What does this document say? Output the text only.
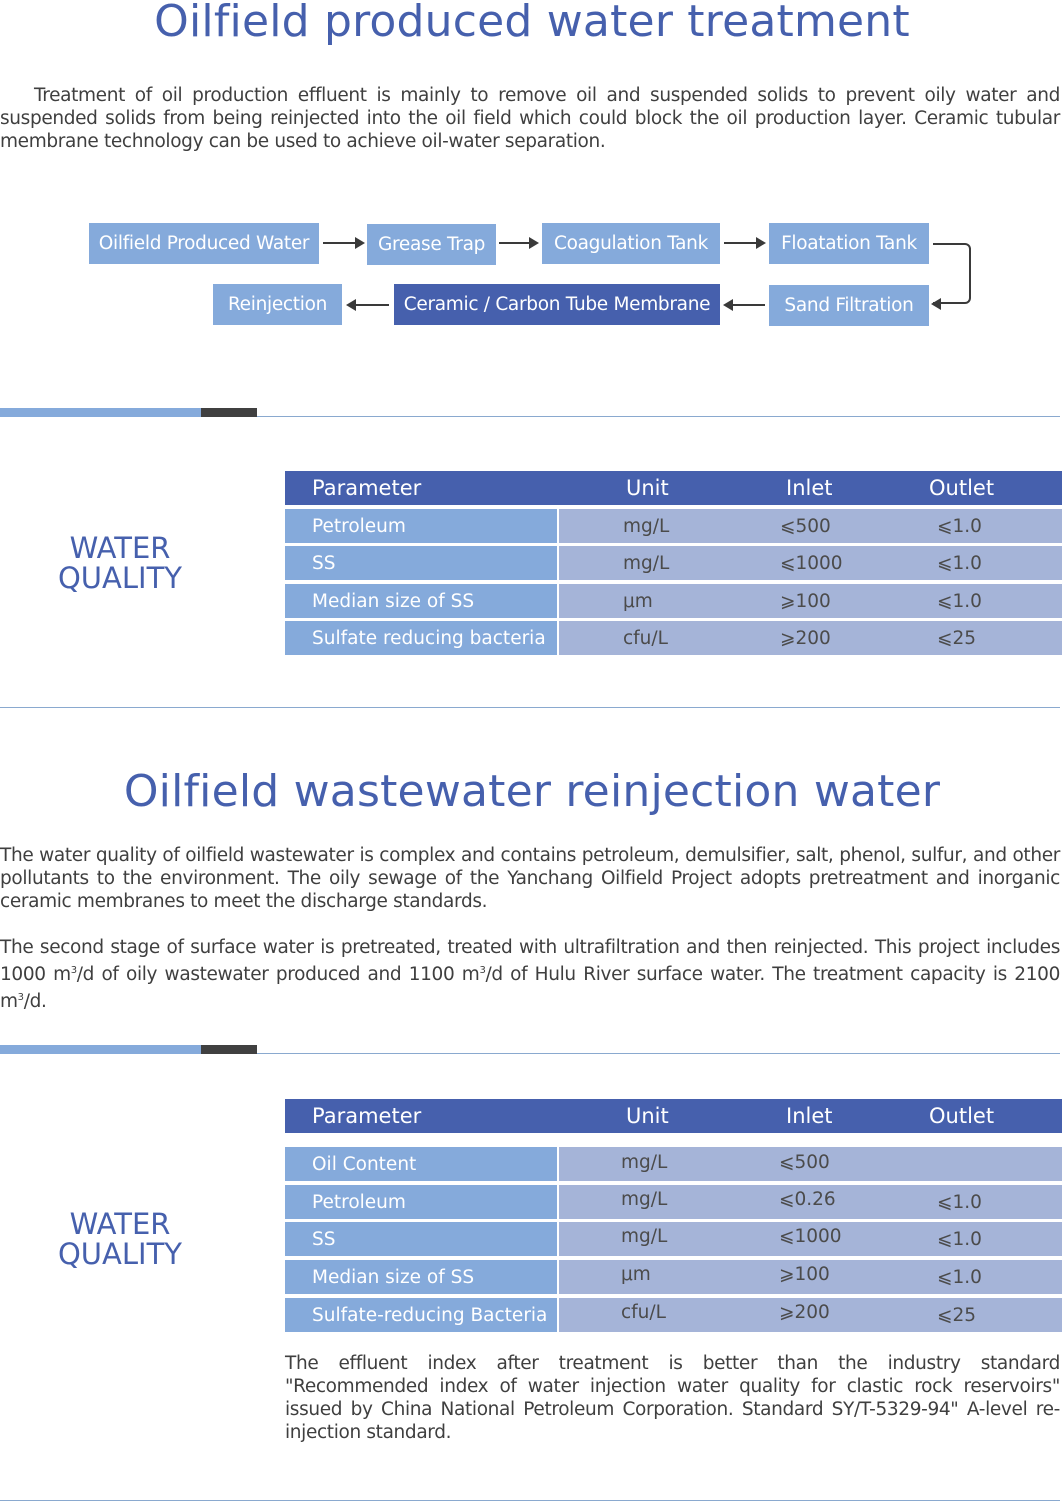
Oilfield produced water treatment

Treatment of oil production effluent is mainly to remove oil and suspended solids to prevent oily water and suspended solids from being reinjected into the oil field which could block the oil production layer. Ceramic tubular membrane technology can be used to achieve oil-water separation.

Oilfield Produced Water	Grease Trap	Coagulation Tank	Floatation Tank
Sand Filtration
Ceramic / Carbon Tube Membrane
Reinjection
WATER
QUALITY
Parameter	Unit	Inlet	Outlet
Petroleum	mg/L	⩽500	⩽1.0
SS	mg/L	⩽1000	⩽1.0
Median size of SS	μm	⩾100	⩽1.0
Sulfate reducing bacteria	cfu/L	⩾200	⩽25
Oilfield wastewater reinjection water

The water quality of oilfield wastewater is complex and contains petroleum, demulsifier, salt, phenol, sulfur, and other pollutants to the environment. The oily sewage of the Yanchang Oilfield Project adopts pretreatment and inorganic ceramic membranes to meet the discharge standards.

The second stage of surface water is pretreated, treated with ultrafiltration and then reinjected. This project includes 1000 $m^3/d$ of oily wastewater produced and 1100 $m^3/d$ of Hulu River surface water. The treatment capacity is 2100 $m^3/d$.

WATER
QUALITY
Parameter	Unit	Inlet	Outlet
Oil Content	mg/L	⩽500
Petroleum	mg/L	⩽0.26	⩽1.0
SS	mg/L	⩽1000	⩽1.0
Median size of SS	μm	⩾100	⩽1.0
Sulfate-reducing Bacteria	cfu/L	⩾200	⩽25

The effluent index after treatment is better than the industry standard "Recommended index of water injection water quality for clastic rock reservoirs" issued by China National Petroleum Corporation. Standard SY/T-5329-94" A-level re-injection standard.
